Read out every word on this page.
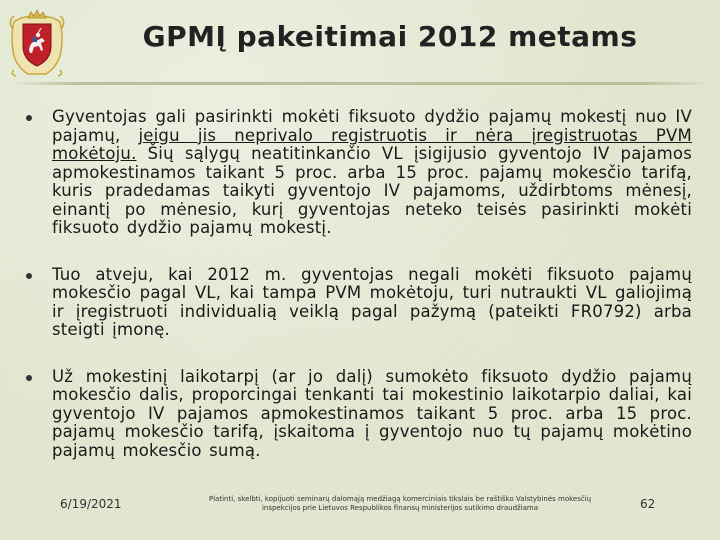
GPMĮ pakeitimai 2012 metams
Gyventojas gali pasirinkti mokėti fiksuoto dydžio pajamų mokestį nuo IV pajamų, jeigu jis neprivalo registruotis ir nėra įregistruotas PVM mokėtoju. Šių sąlygų neatitinkančio VL įsigijusio gyventojo IV pajamos apmokestinamos taikant 5 proc. arba 15 proc. pajamų mokesčio tarifą, kuris pradedamas taikyti gyventojo IV pajamoms, uždirbtoms mėnesį, einantį po mėnesio, kurį gyventojas neteko teisės pasirinkti mokėti fiksuoto dydžio pajamų mokestį.
Tuo atveju, kai 2012 m. gyventojas negali mokėti fiksuoto pajamų mokesčio pagal VL, kai tampa PVM mokėtoju, turi nutraukti VL galiojimą ir įregistruoti individualią veiklą pagal pažymą (pateikti FR0792) arba steigti įmonę.
Už mokestinį laikotarpį (ar jo dalį) sumokėto fiksuoto dydžio pajamų mokesčio dalis, proporcingai tenkanti tai mokestinio laikotarpio daliai, kai gyventojo IV pajamos apmokestinamos taikant 5 proc. arba 15 proc. pajamų mokesčio tarifą, įskaitoma į gyventojo nuo tų pajamų mokėtino pajamų mokesčio sumą.
6/19/2021	Platinti, skelbti, kopijuoti seminarų dalomąją medžiagą komerciniais tikslais be raštiško Valstybinės mokesčių inspekcijos prie Lietuvos Respublikos finansų ministerijos sutikimo draudžiama	62
